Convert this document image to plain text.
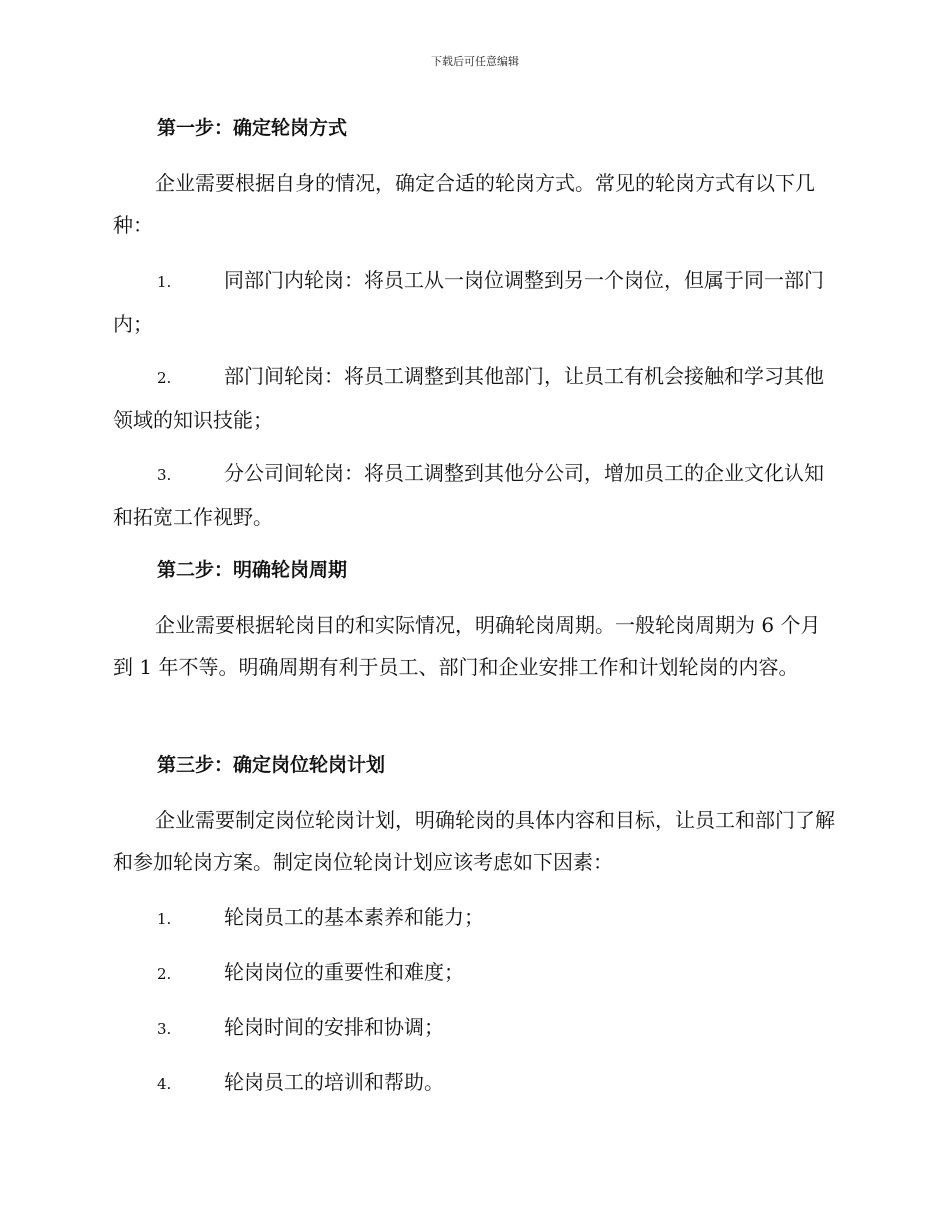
下载后可任意编辑
第一步：确定轮岗方式

企业需要根据自身的情况，确定合适的轮岗方式。常见的轮岗方式有以下几种：

1.	同部门内轮岗：将员工从一岗位调整到另一个岗位，但属于同一部门内；

2.	部门间轮岗：将员工调整到其他部门，让员工有机会接触和学习其他领域的知识技能；

3.	分公司间轮岗：将员工调整到其他分公司，增加员工的企业文化认知和拓宽工作视野。

第二步：明确轮岗周期

企业需要根据轮岗目的和实际情况，明确轮岗周期。一般轮岗周期为 6 个月到 1 年不等。明确周期有利于员工、部门和企业安排工作和计划轮岗的内容。

第三步：确定岗位轮岗计划

企业需要制定岗位轮岗计划，明确轮岗的具体内容和目标，让员工和部门了解和参加轮岗方案。制定岗位轮岗计划应该考虑如下因素：

1.	轮岗员工的基本素养和能力；

2.	轮岗岗位的重要性和难度；

3.	轮岗时间的安排和协调；

4.	轮岗员工的培训和帮助。
